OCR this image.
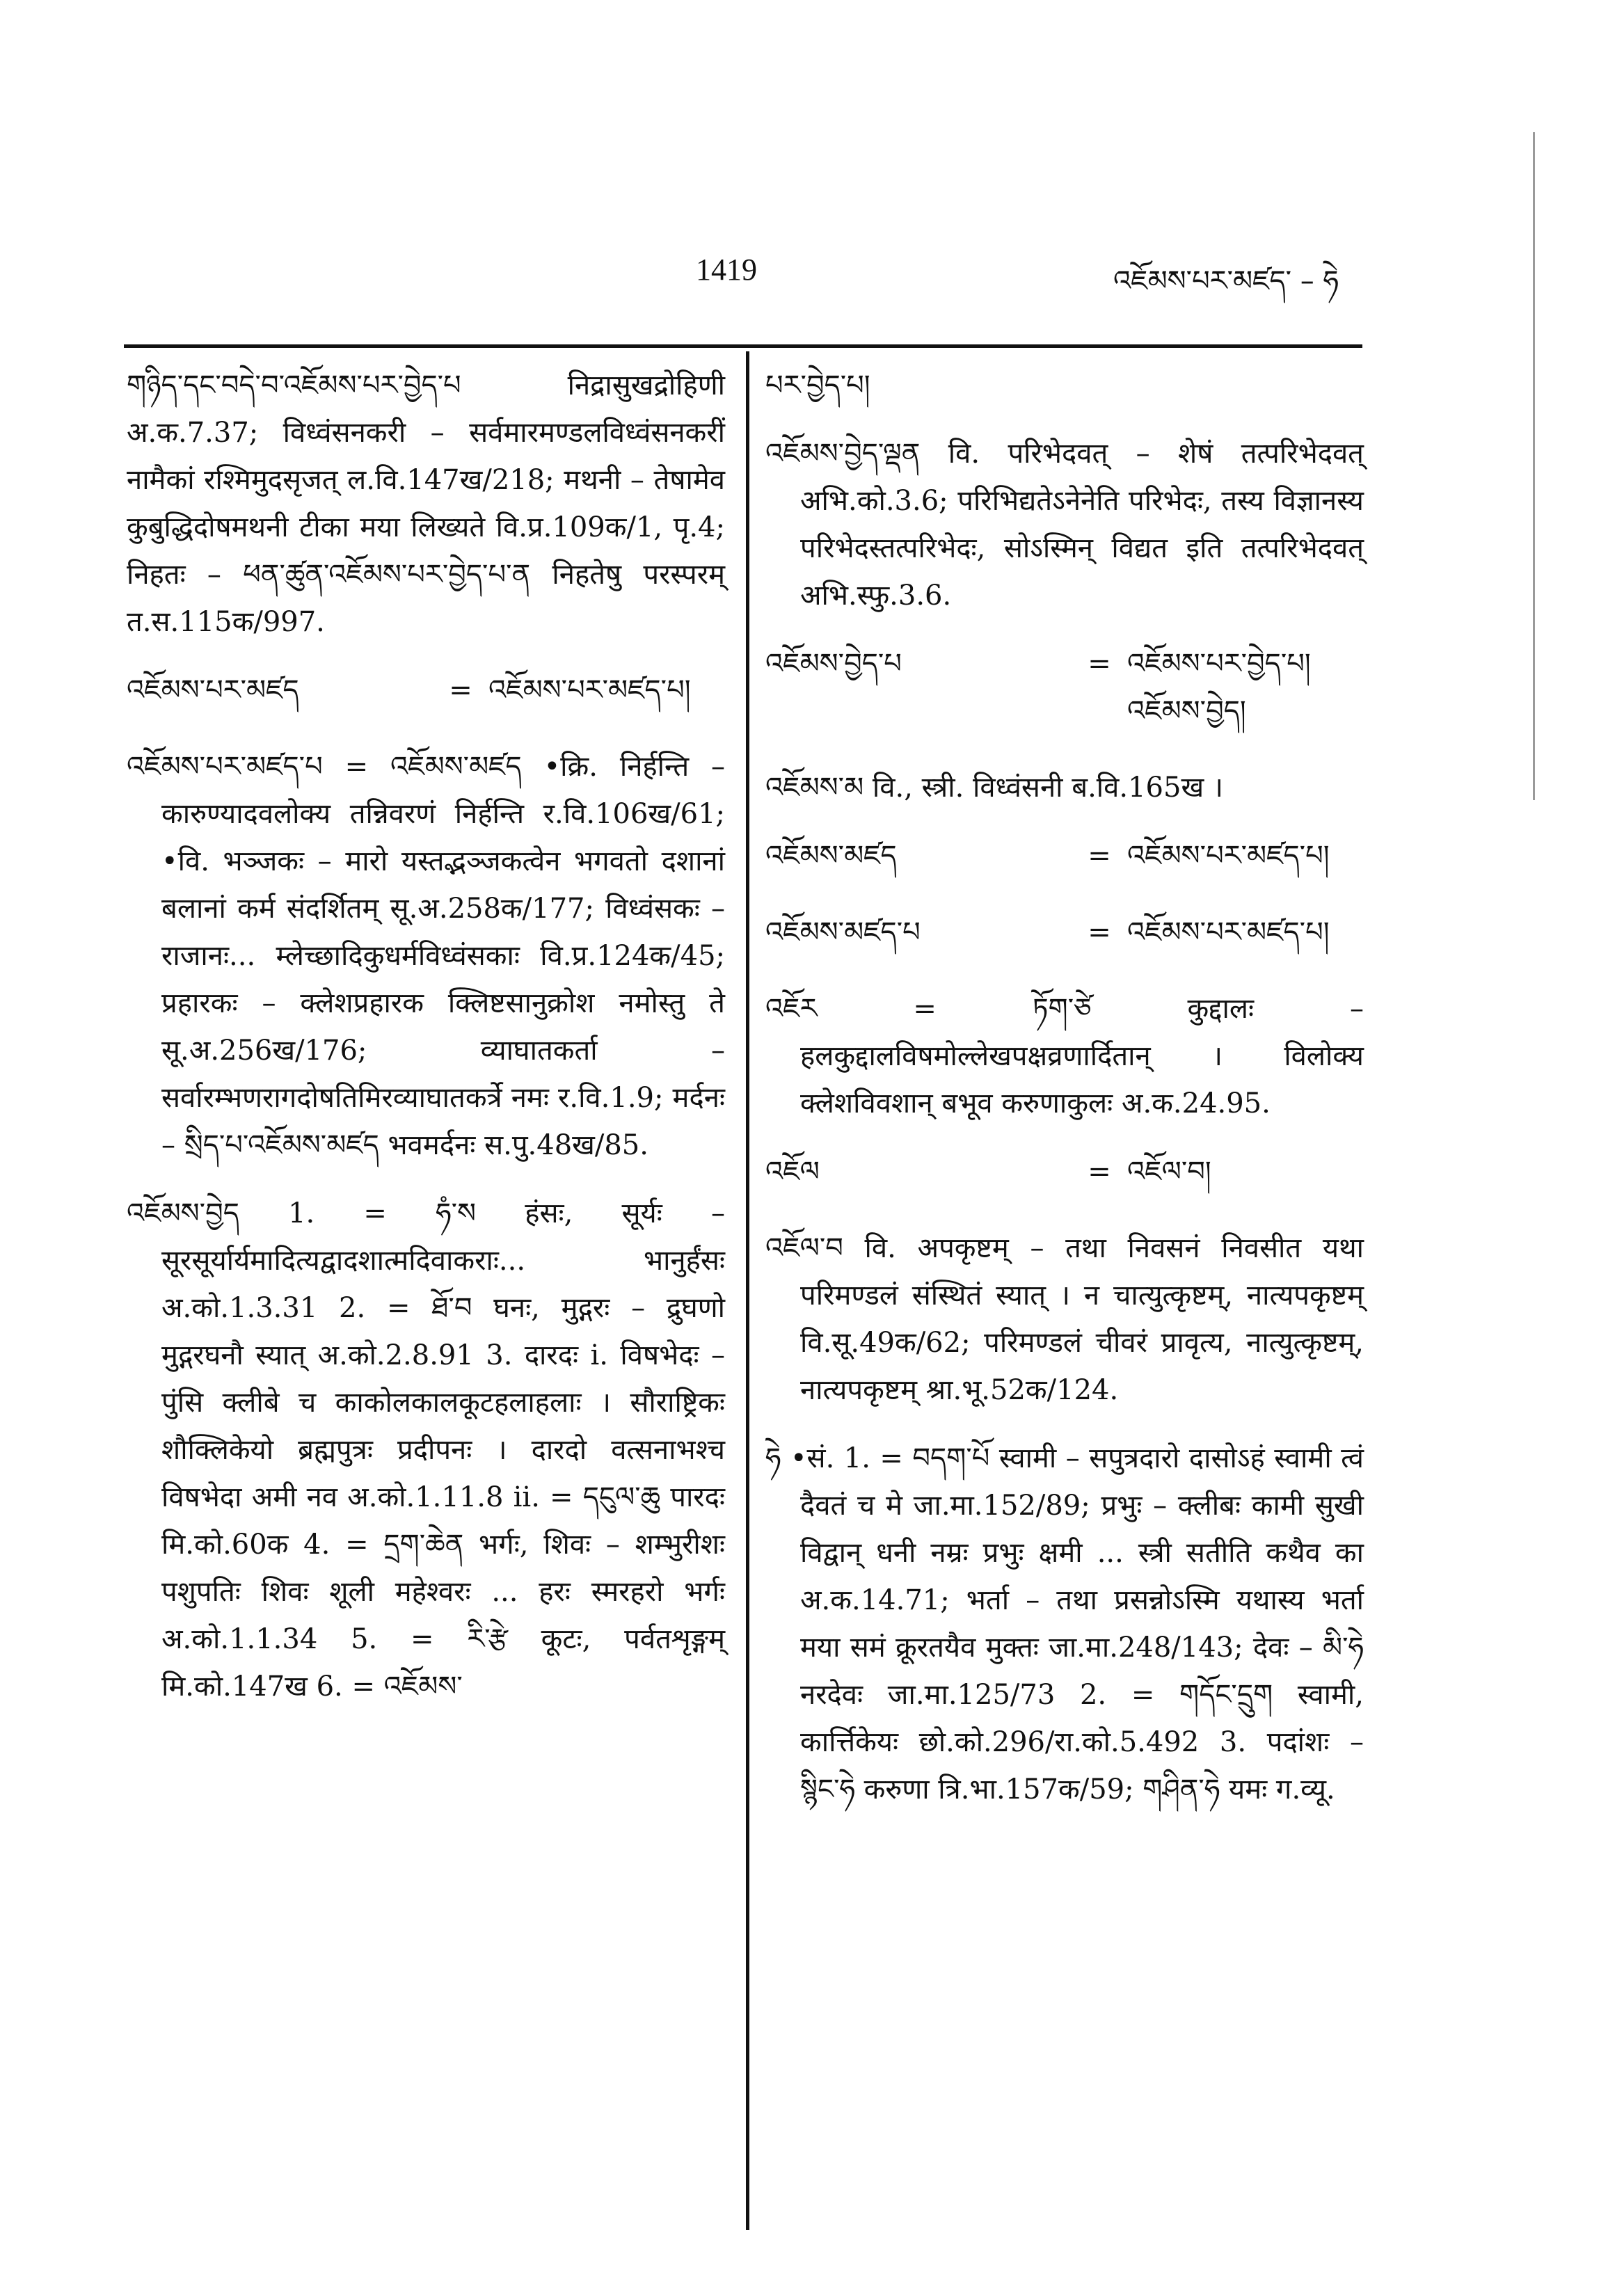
1419	འཇོམས་པར་མཛད་ – ཧེ

གཉིད་དང་བདེ་བ་འཇོམས་པར་བྱེད་པ निद्रासुखद्रोहिणी अ.क.7.37; विध्वंसनकरी – सर्वमारमण्डलविध्वंसनकरीं नामैकां रश्मिमुदसृजत् ल.वि.147ख/218; मथनी – तेषामेव कुबुद्धिदोषमथनी टीका मया लिख्यते वि.प्र.109क/1, पृ.4; निहतः – ཕན་ཚུན་འཇོམས་པར་བྱེད་པ་ན निहतेषु परस्परम् त.स.115क/997.

འཇོམས་པར་མཛད	= འཇོམས་པར་མཛད་པ།

འཇོམས་པར་མཛད་པ = འཇོམས་མཛད •क्रि. निर्हन्ति – कारुण्यादवलोक्य तन्निवरणं निर्हन्ति र.वि.106ख/61; •वि. भञ्जकः – मारो यस्तद्भञ्जकत्वेन भगवतो दशानां बलानां कर्म संदर्शितम् सू.अ.258क/177; विध्वंसकः – राजानः... म्लेच्छादिकुधर्मविध्वंसकाः वि.प्र.124क/45; प्रहारकः – क्लेशप्रहारक क्लिष्टसानुक्रोश नमोस्तु ते सू.अ.256ख/176; व्याघातकर्ता – सर्वारम्भणरागदोषतिमिरव्याघातकर्त्रे नमः र.वि.1.9; मर्दनः – སྲིད་པ་འཇོམས་མཛད भवमर्दनः स.पु.48ख/85.

འཇོམས་བྱེད 1. = ཧཾ་ས हंसः, सूर्यः – सूरसूर्यार्यमादित्यद्वादशात्मदिवाकराः... भानुर्हंसः अ.को.1.3.31 2. = ཐོ་བ घनः, मुद्गरः – द्रुघणो मुद्गरघनौ स्यात् अ.को.2.8.91 3. दारदः i. विषभेदः – पुंसि क्लीबे च काकोलकालकूटहलाहलाः । सौराष्ट्रिकः शौक्लिकेयो ब्रह्मपुत्रः प्रदीपनः । दारदो वत्सनाभश्च विषभेदा अमी नव अ.को.1.11.8 ii. = དངུལ་ཆུ पारदः मि.को.60क 4. = དྲག་ཆེན भर्गः, शिवः – शम्भुरीशः पशुपतिः शिवः शूली महेश्वरः ... हरः स्मरहरो भर्गः अ.को.1.1.34 5. = རི་རྩེ कूटः, पर्वतशृङ्गम् मि.को.147ख 6. = འཇོམས་

པར་བྱེད་པ།

འཇོམས་བྱེད་ལྡན वि. परिभेदवत् – शेषं तत्परिभेदवत् अभि.को.3.6; परिभिद्यतेऽनेनेति परिभेदः, तस्य विज्ञानस्य परिभेदस्तत्परिभेदः, सोऽस्मिन् विद्यत इति तत्परिभेदवत् अभि.स्फु.3.6.

འཇོམས་བྱེད་པ	= འཇོམས་པར་བྱེད་པ། འཇོམས་བྱེད།

འཇོམས་མ वि., स्त्री. विध्वंसनी ब.वि.165ख ।

འཇོམས་མཛད	= འཇོམས་པར་མཛད་པ།
འཇོམས་མཛད་པ	= འཇོམས་པར་མཛད་པ།

འཇོར = ཏོག་ཙེ कुद्दालः – हलकुद्दालविषमोल्लेखपक्षव्रणार्दितान् । विलोक्य क्लेशविवशान् बभूव करुणाकुलः अ.क.24.95.

འཇོལ	= འཇོལ་བ།

འཇོལ་བ वि. अपकृष्टम् – तथा निवसनं निवसीत यथा परिमण्डलं संस्थितं स्यात् । न चात्युत्कृष्टम्, नात्यपकृष्टम् वि.सू.49क/62; परिमण्डलं चीवरं प्रावृत्य, नात्युत्कृष्टम्, नात्यपकृष्टम् श्रा.भू.52क/124.

ཧེ •सं. 1. = བདག་པོ स्वामी – सपुत्रदारो दासोऽहं स्वामी त्वं दैवतं च मे जा.मा.152/89; प्रभुः – क्लीबः कामी सुखी विद्वान् धनी नम्रः प्रभुः क्षमी ... स्त्री सतीति कथैव का अ.क.14.71; भर्ता – तथा प्रसन्नोऽस्मि यथास्य भर्ता मया समं क्रूरतयैव मुक्तः जा.मा.248/143; देवः – མི་ཧེ नरदेवः जा.मा.125/73 2. = གདོང་དྲུག स्वामी, कार्त्तिकेयः छो.को.296/रा.को.5.492 3. पदांशः – སྙིང་ཧེ करुणा त्रि.भा.157क/59; གཤིན་ཧེ यमः ग.व्यू.
